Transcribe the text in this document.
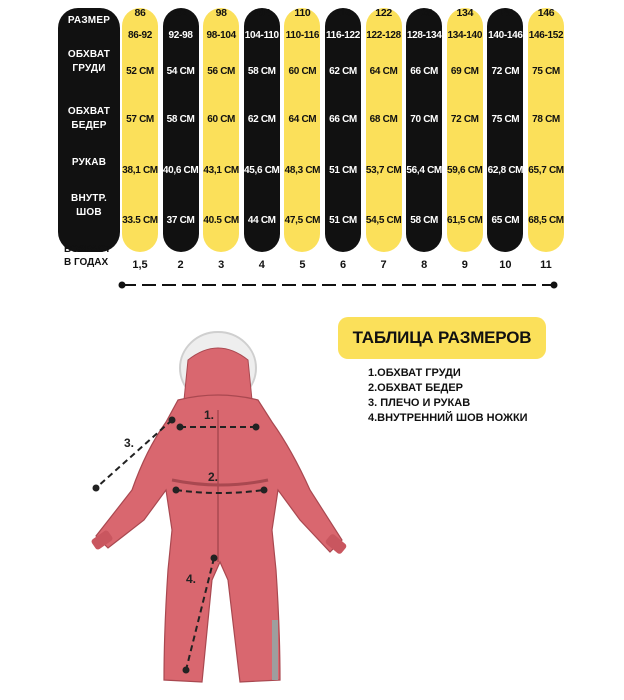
РАЗМЕР
ОБХВАТ ГРУДИ
ОБХВАТ БЕДЕР
РУКАВ
ВНУТР. ШОВ
ВОЗРАСТ В ГОДАХ
86
86-92
52 СМ
57 СМ
38,1 СМ
33.5 СМ
1,5
92
92-98
54 СМ
58 СМ
40,6 СМ
37 СМ
2
98
98-104
56 СМ
60 СМ
43,1 СМ
40.5 СМ
3
104
104-110
58 СМ
62 СМ
45,6 СМ
44 СМ
4
110
110-116
60 СМ
64 СМ
48,3 СМ
47,5 СМ
5
116
116-122
62 СМ
66 СМ
51 СМ
51 СМ
6
122
122-128
64 СМ
68 СМ
53,7 СМ
54,5 СМ
7
128
128-134
66 СМ
70 СМ
56,4 СМ
58 СМ
8
134
134-140
69 СМ
72 СМ
59,6 СМ
61,5 СМ
9
140
140-146
72 СМ
75 СМ
62,8 СМ
65 СМ
10
146
146-152
75 СМ
78 СМ
65,7 СМ
68,5 СМ
11
ТАБЛИЦА РАЗМЕРОВ
1.ОБХВАТ ГРУДИ
2.ОБХВАТ БЕДЕР
3. ПЛЕЧО И РУКАВ
4.ВНУТРЕННИЙ ШОВ НОЖКИ
1.
2.
3.
4.
